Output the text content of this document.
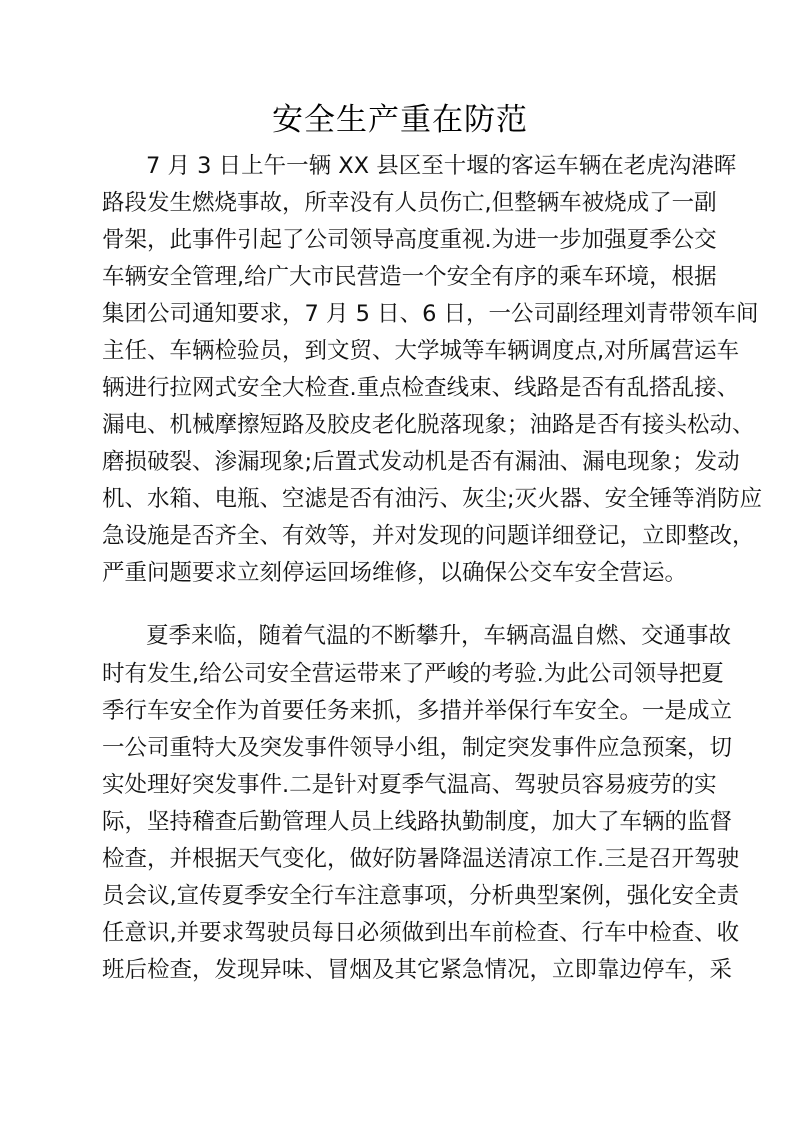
安全生产重在防范
7 月 3 日上午一辆 XX 县区至十堰的客运车辆在老虎沟港晖
路段发生燃烧事故，所幸没有人员伤亡,但整辆车被烧成了一副
骨架，此事件引起了公司领导高度重视.为进一步加强夏季公交
车辆安全管理,给广大市民营造一个安全有序的乘车环境，根据
集团公司通知要求，7 月 5 日、6 日，一公司副经理刘青带领车间
主任、车辆检验员，到文贸、大学城等车辆调度点,对所属营运车
辆进行拉网式安全大检查.重点检查线束、线路是否有乱搭乱接、
漏电、机械摩擦短路及胶皮老化脱落现象；油路是否有接头松动、
磨损破裂、渗漏现象;后置式发动机是否有漏油、漏电现象；发动
机、水箱、电瓶、空滤是否有油污、灰尘;灭火器、安全锤等消防应
急设施是否齐全、有效等，并对发现的问题详细登记，立即整改，
严重问题要求立刻停运回场维修，以确保公交车安全营运。
夏季来临，随着气温的不断攀升，车辆高温自燃、交通事故
时有发生,给公司安全营运带来了严峻的考验.为此公司领导把夏
季行车安全作为首要任务来抓，多措并举保行车安全。一是成立
一公司重特大及突发事件领导小组，制定突发事件应急预案，切
实处理好突发事件.二是针对夏季气温高、驾驶员容易疲劳的实
际，坚持稽查后勤管理人员上线路执勤制度，加大了车辆的监督
检查，并根据天气变化，做好防暑降温送清凉工作.三是召开驾驶
员会议,宣传夏季安全行车注意事项，分析典型案例，强化安全责
任意识,并要求驾驶员每日必须做到出车前检查、行车中检查、收
班后检查，发现异味、冒烟及其它紧急情况，立即靠边停车，采
